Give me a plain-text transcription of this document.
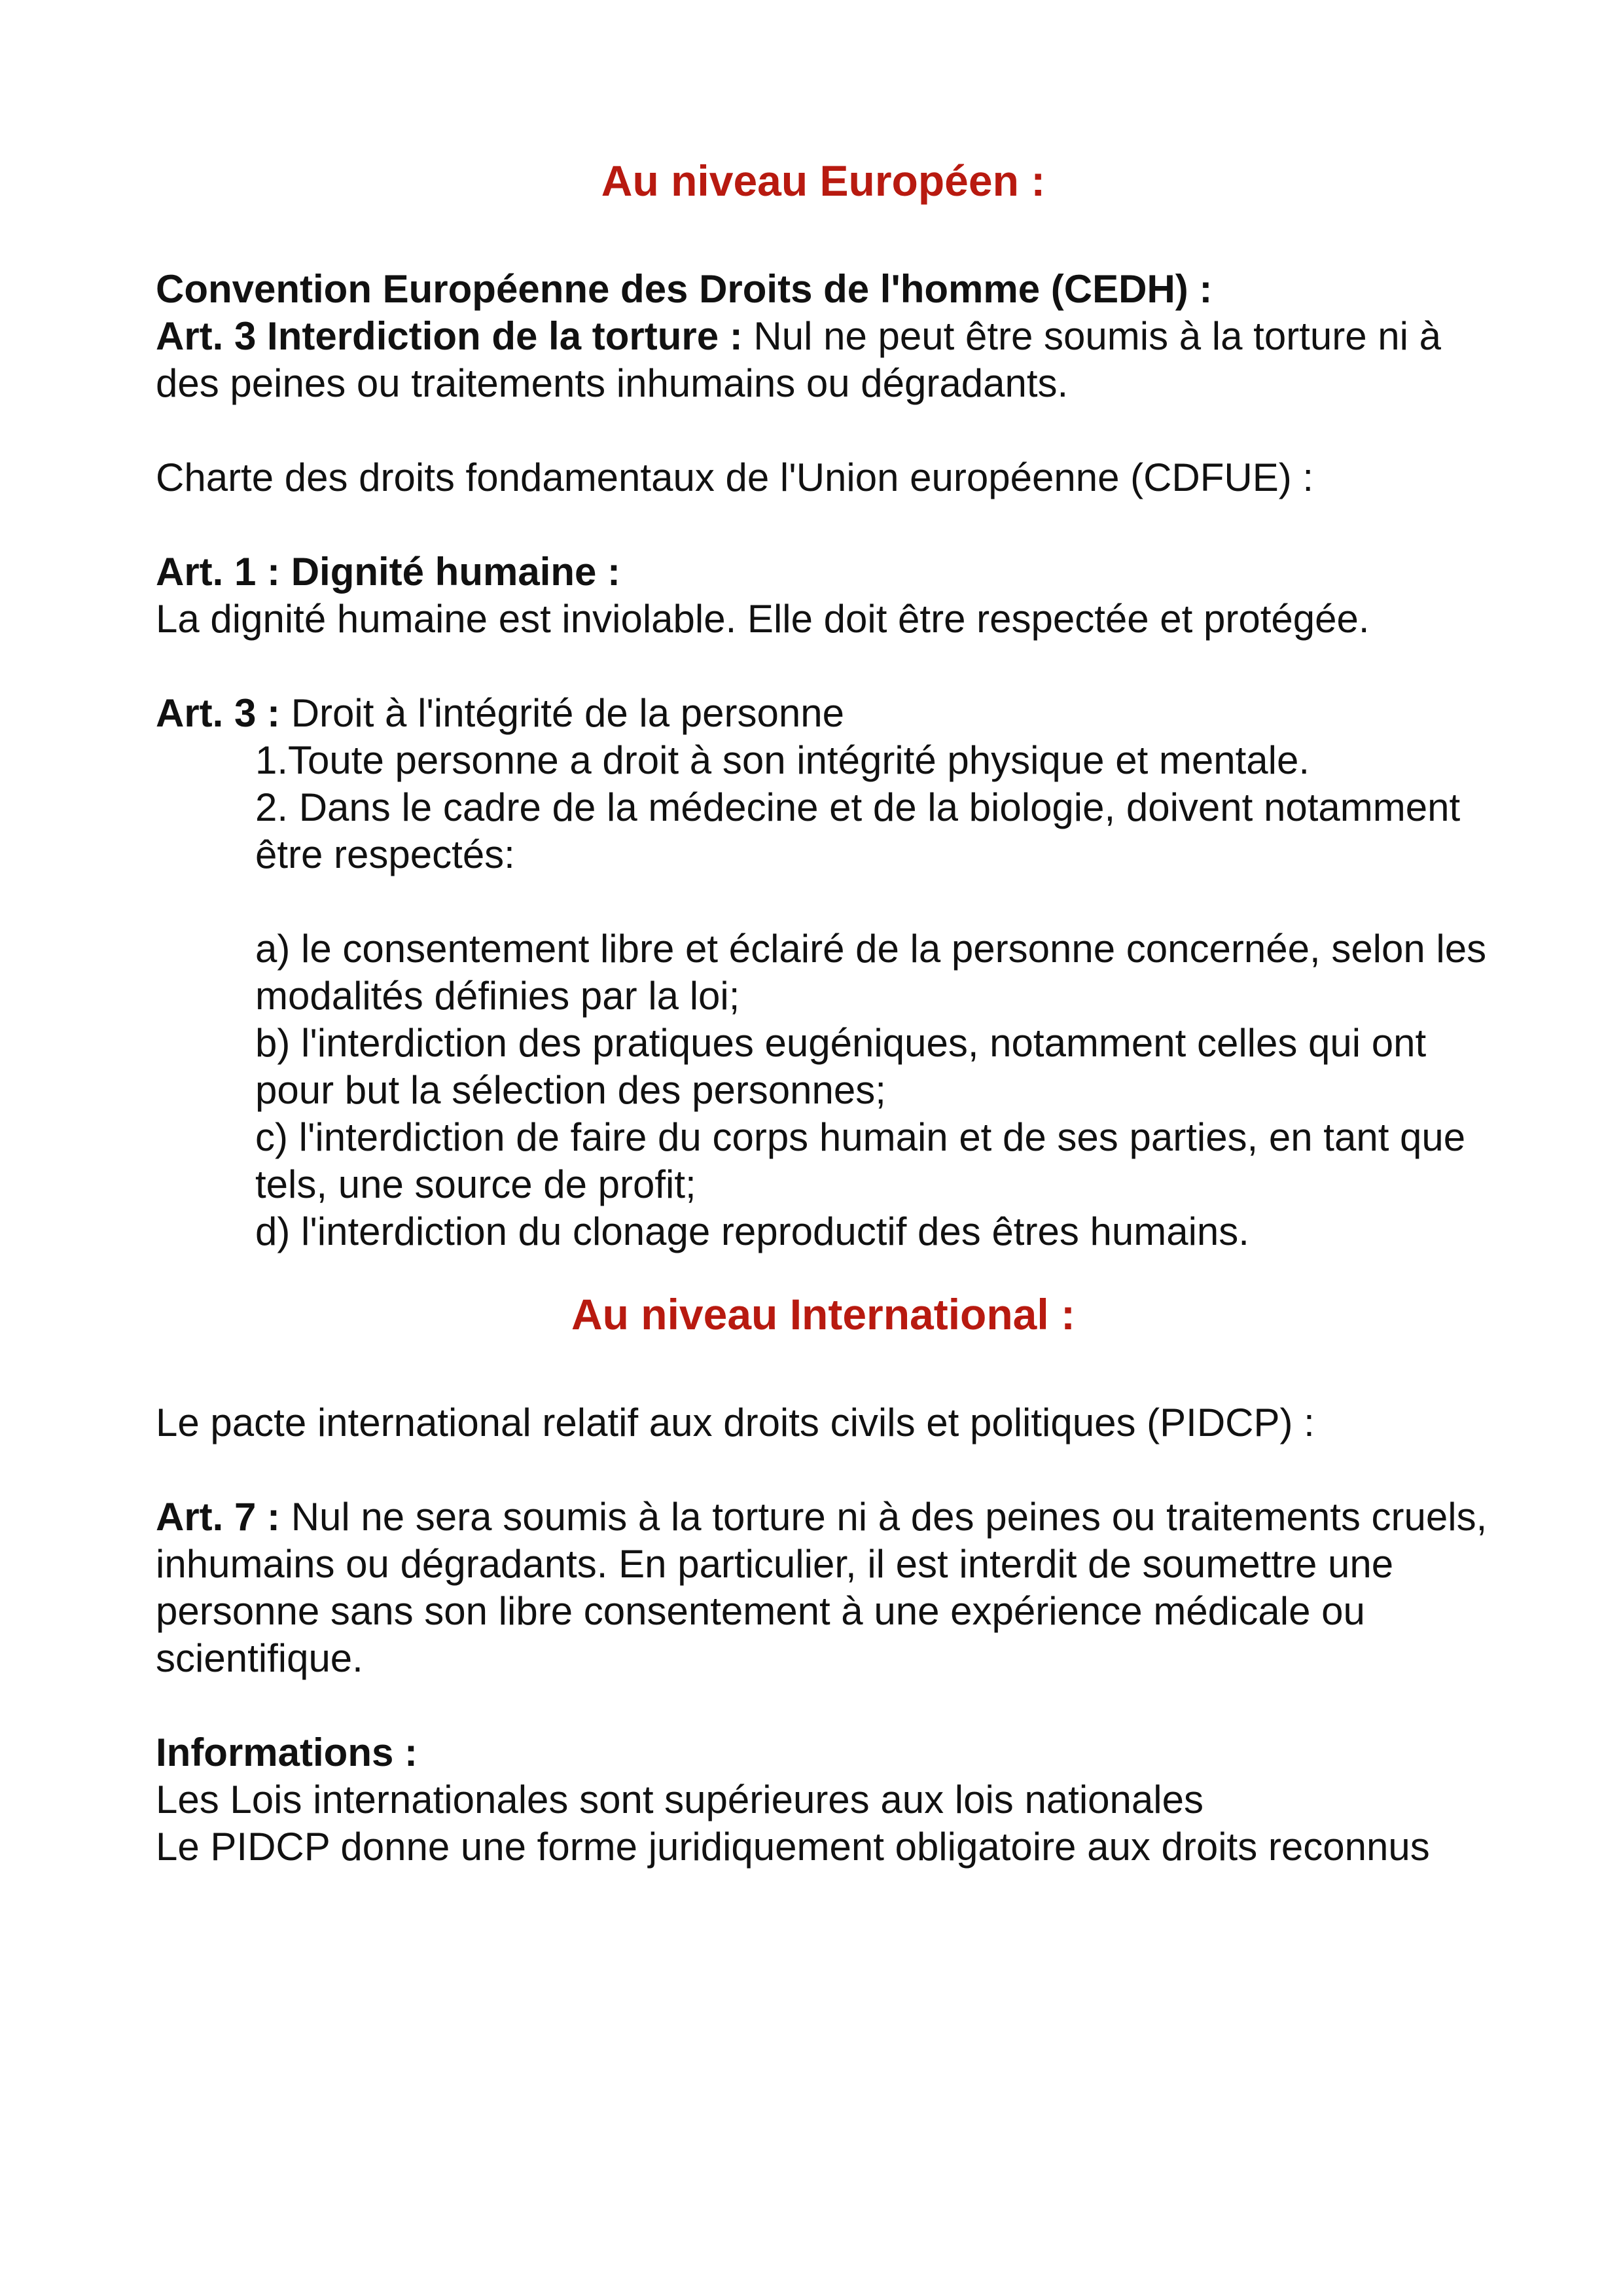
Au niveau Européen :

Convention Européenne des Droits de l'homme (CEDH) :

Art. 3 Interdiction de la torture : Nul ne peut être soumis à la torture ni à des peines ou traitements inhumains ou dégradants.

Charte des droits fondamentaux de l'Union européenne (CDFUE) :

Art. 1 : Dignité humaine :

La dignité humaine est inviolable. Elle doit être respectée et protégée.

Art. 3 : Droit à l'intégrité de la personne

1.Toute personne a droit à son intégrité physique et mentale.

2. Dans le cadre de la médecine et de la biologie, doivent notamment être respectés:

a) le consentement libre et éclairé de la personne concernée, selon les modalités définies par la loi;

b) l'interdiction des pratiques eugéniques, notamment celles qui ont pour but la sélection des personnes;

c) l'interdiction de faire du corps humain et de ses parties, en tant que tels, une source de profit;

d) l'interdiction du clonage reproductif des êtres humains.

Au niveau International :

Le pacte international relatif aux droits civils et politiques (PIDCP) :

Art. 7 : Nul ne sera soumis à la torture ni à des peines ou traitements cruels, inhumains ou dégradants. En particulier, il est interdit de soumettre une personne sans son libre consentement à une expérience médicale ou scientifique.

Informations :

Les Lois internationales sont supérieures aux lois nationales

Le PIDCP donne une forme juridiquement obligatoire aux droits reconnus
